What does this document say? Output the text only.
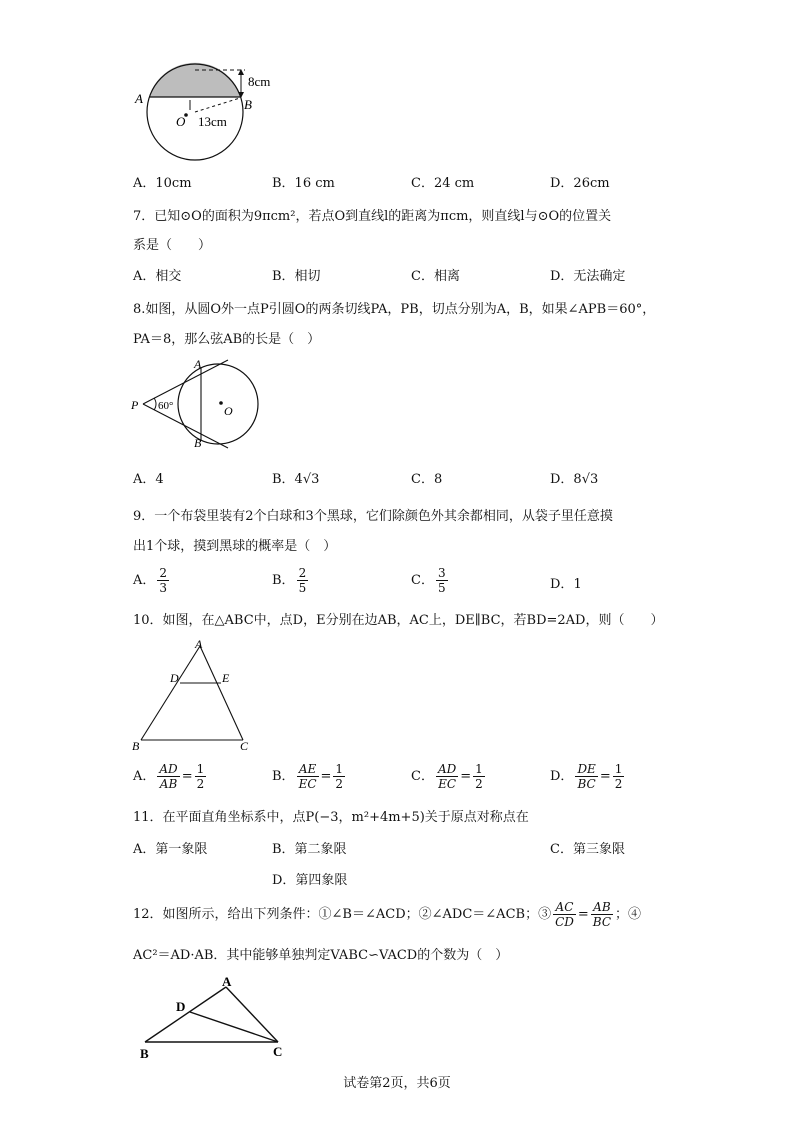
A	B
O
8cm
13cm
A．10cm	B．16 cm	C．24 cm	D．26cm
7．已知⊙O的面积为9πcm²，若点O到直线l的距离为πcm，则直线l与⊙O的位置关
系是（　　）
A．相交	B．相切	C．相离	D．无法确定
8.如图，从圆O外一点P引圆O的两条切线PA，PB，切点分别为A，B，如果∠APB＝60°，
PA＝8，那么弦AB的长是（　）
A
B
P	O
60°
A．4	B．4√3	C．8	D．8√3
9．一个布袋里装有2个白球和3个黑球，它们除颜色外其余都相同，从袋子里任意摸
出1个球，摸到黑球的概率是（　）
A． $\frac{2}{3}$	B． $\frac{2}{5}$	C． $\frac{3}{5}$	D．1
10．如图，在△ABC中，点D，E分别在边AB，AC上，DE∥BC，若BD=2AD，则（　　）
A
B	C
D	E
A． $\frac{AD}{AB} = \frac{1}{2}$	B． $\frac{AE}{EC} = \frac{1}{2}$	C． $\frac{AD}{EC} = \frac{1}{2}$	D． $\frac{DE}{BC} = \frac{1}{2}$
11．在平面直角坐标系中，点P(−3，m²+4m+5)关于原点对称点在
A．第一象限	B．第二象限	C．第三象限
D．第四象限
12．如图所示，给出下列条件：①∠B＝∠ACD；②∠ADC＝∠ACB；③ $\frac{AC}{CD} = \frac{AB}{BC}$ ；④
AC²＝AD·AB．其中能够单独判定VABC∽VACD的个数为（　）
A
B	C
D
试卷第2页，共6页
